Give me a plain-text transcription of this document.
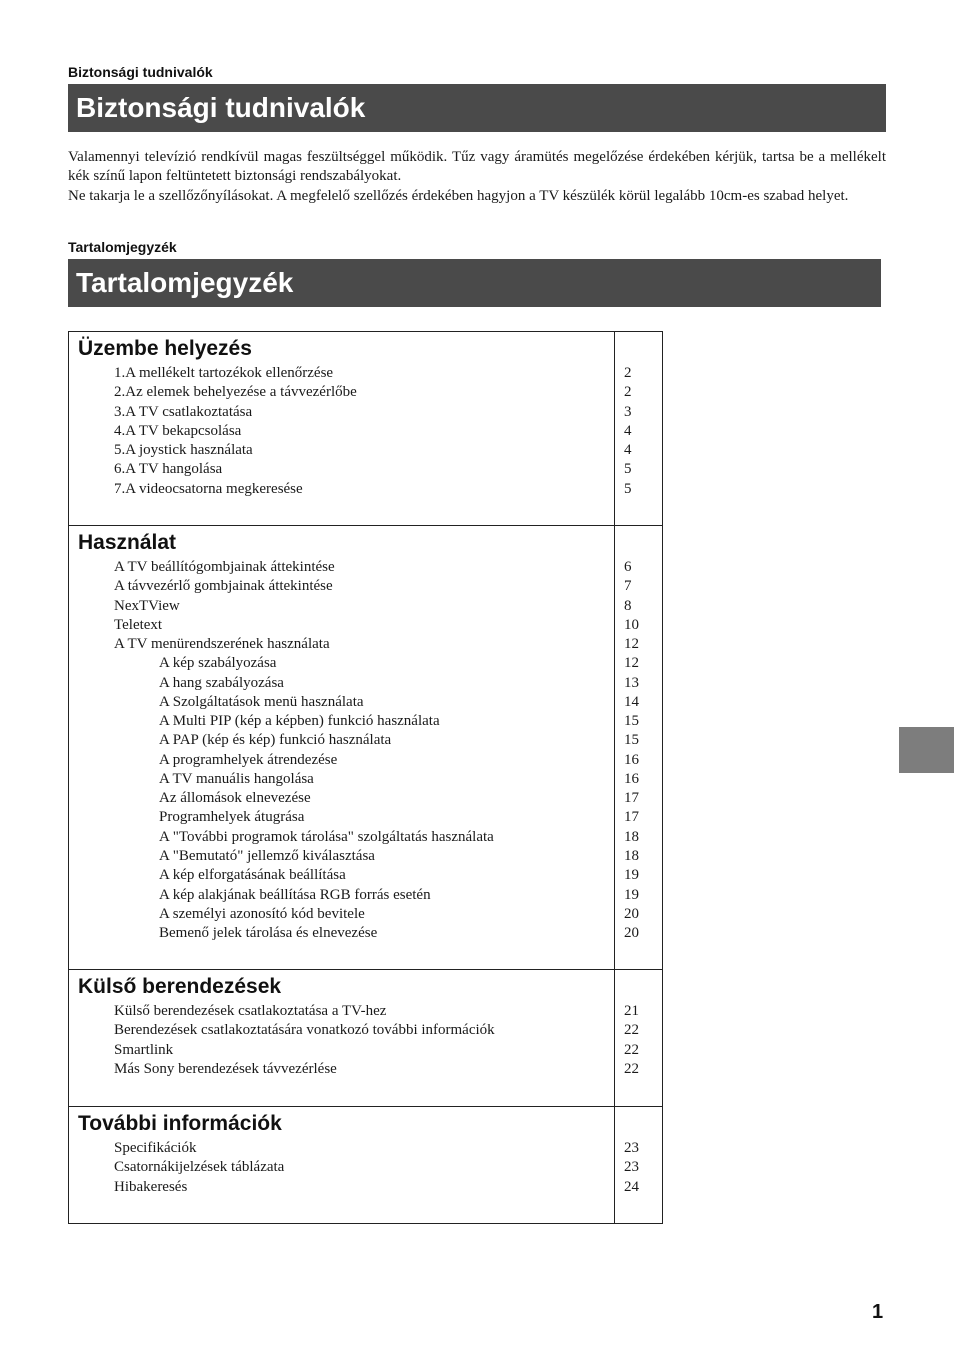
Biztonsági tudnivalók
Biztonsági tudnivalók
Valamennyi televízió rendkívül magas feszültséggel működik. Tűz vagy áramütés megelőzése érdekében kérjük, tartsa be a mellékelt kék színű lapon feltüntetett biztonsági rendszabályokat.
Ne takarja le a szellőzőnyílásokat. A megfelelő szellőzés érdekében hagyjon a TV készülék körül legalább 10cm-es szabad helyet.
Tartalomjegyzék
Tartalomjegyzék
Üzembe helyezés
1.A mellékelt tartozékok ellenőrzése	2
2.Az elemek behelyezése a távvezérlőbe	2
3.A TV csatlakoztatása	3
4.A TV bekapcsolása	4
5.A joystick használata	4
6.A TV hangolása	5
7.A videocsatorna megkeresése	5
Használat
A TV beállítógombjainak áttekintése	6
A távvezérlő gombjainak áttekintése	7
NexTView	8
Teletext	10
A TV menürendszerének használata	12
A kép szabályozása	12
A hang szabályozása	13
A Szolgáltatások menü használata	14
A Multi PIP (kép a képben) funkció használata	15
A PAP (kép és kép) funkció használata	15
A programhelyek átrendezése	16
A TV manuális hangolása	16
Az állomások elnevezése	17
Programhelyek átugrása	17
A "További programok tárolása" szolgáltatás használata	18
A "Bemutató" jellemző kiválasztása	18
A kép elforgatásának beállítása	19
A kép alakjának beállítása RGB forrás esetén	19
A személyi azonosító kód bevitele	20
Bemenő jelek tárolása és elnevezése	20
Külső berendezések
Külső berendezések csatlakoztatása a TV-hez	21
Berendezések csatlakoztatására vonatkozó további információk	22
Smartlink	22
Más Sony berendezések távvezérlése	22
További információk
Specifikációk	23
Csatornákijelzések táblázata	23
Hibakeresés	24
1
